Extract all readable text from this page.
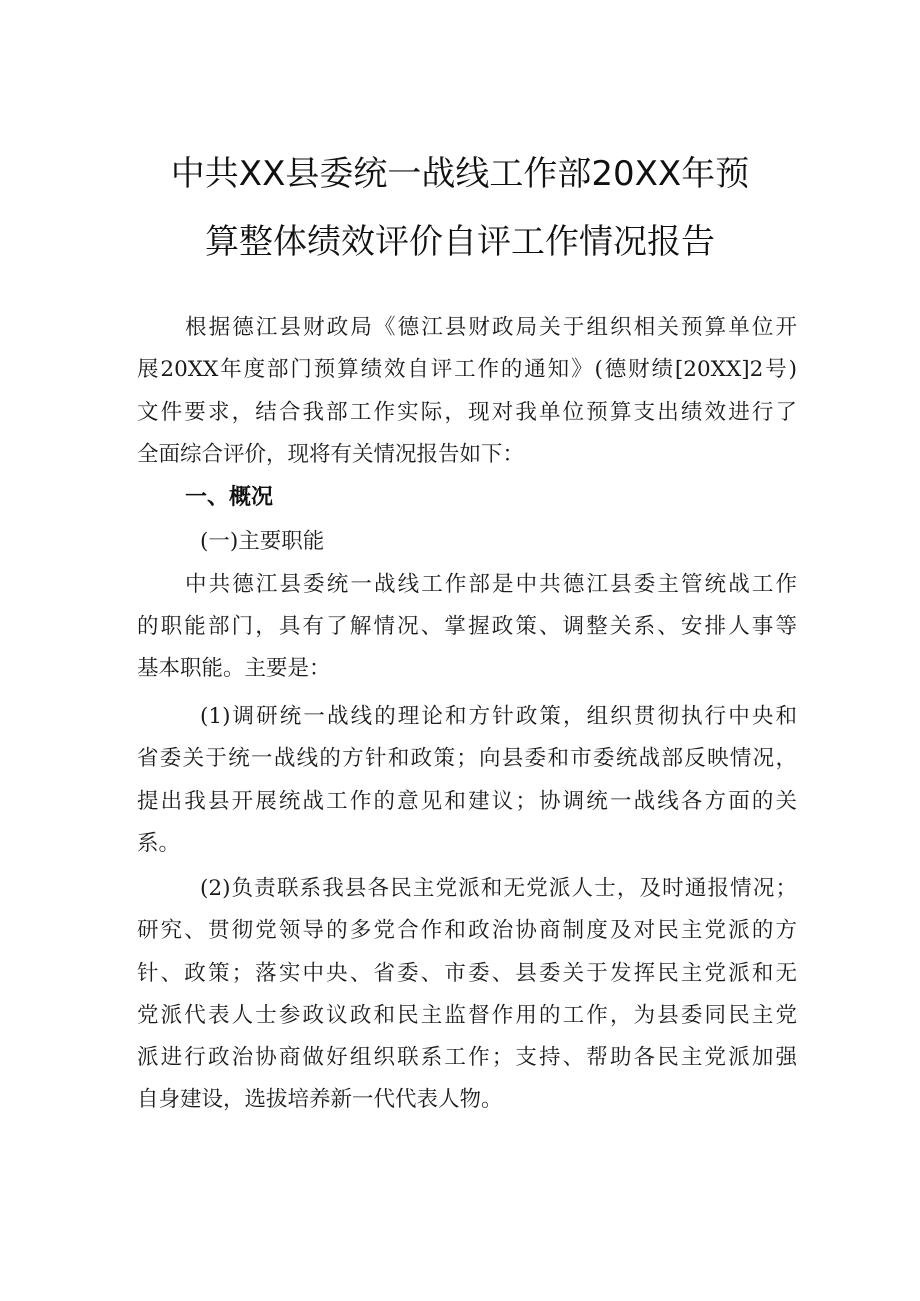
中共XX县委统一战线工作部20XX年预
算整体绩效评价自评工作情况报告
根据德江县财政局《德江县财政局关于组织相关预算单位开
展20XX年度部门预算绩效自评工作的通知》(德财绩[20XX]2号)
文件要求，结合我部工作实际，现对我单位预算支出绩效进行了
全面综合评价，现将有关情况报告如下：
一、概况
(一)主要职能
中共德江县委统一战线工作部是中共德江县委主管统战工作
的职能部门，具有了解情况、掌握政策、调整关系、安排人事等
基本职能。主要是：
(1)调研统一战线的理论和方针政策，组织贯彻执行中央和
省委关于统一战线的方针和政策；向县委和市委统战部反映情况，
提出我县开展统战工作的意见和建议；协调统一战线各方面的关
系。
(2)负责联系我县各民主党派和无党派人士，及时通报情况；
研究、贯彻党领导的多党合作和政治协商制度及对民主党派的方
针、政策；落实中央、省委、市委、县委关于发挥民主党派和无
党派代表人士参政议政和民主监督作用的工作，为县委同民主党
派进行政治协商做好组织联系工作；支持、帮助各民主党派加强
自身建设，选拔培养新一代代表人物。
